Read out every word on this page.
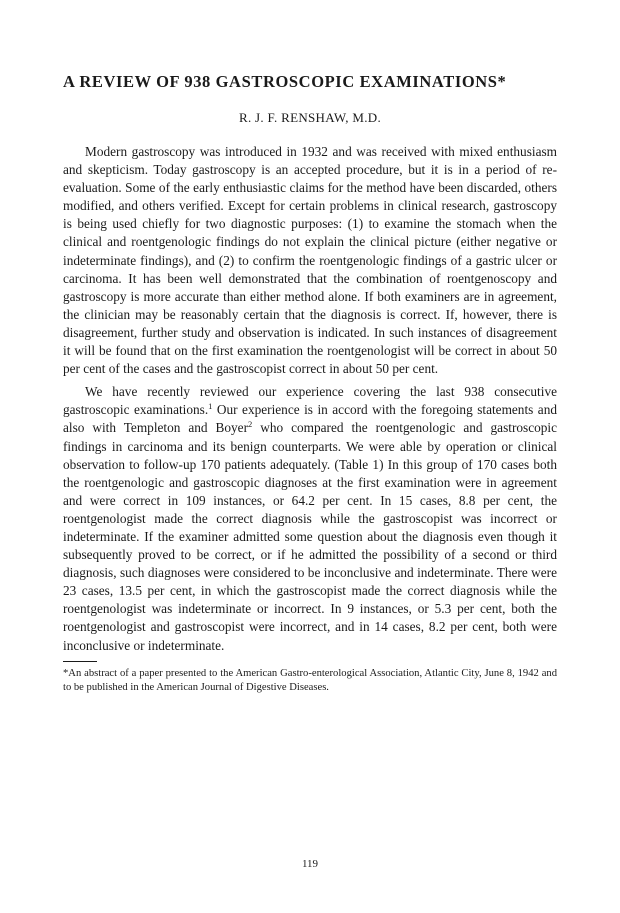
A REVIEW OF 938 GASTROSCOPIC EXAMINATIONS*
R. J. F. RENSHAW, M.D.

Modern gastroscopy was introduced in 1932 and was received with mixed enthusiasm and skepticism. Today gastroscopy is an accepted procedure, but it is in a period of re-evaluation. Some of the early enthusiastic claims for the method have been discarded, others modified, and others verified. Except for certain problems in clinical research, gastroscopy is being used chiefly for two diagnostic purposes: (1) to examine the stomach when the clinical and roentgenologic findings do not explain the clinical picture (either negative or indeterminate findings), and (2) to confirm the roentgenologic findings of a gastric ulcer or carcinoma. It has been well demonstrated that the combination of roentgenoscopy and gastroscopy is more accurate than either method alone. If both examiners are in agreement, the clinician may be reasonably certain that the diagnosis is correct. If, however, there is disagreement, further study and observation is indicated. In such instances of disagreement it will be found that on the first examination the roentgenologist will be correct in about 50 per cent of the cases and the gastroscopist correct in about 50 per cent.

We have recently reviewed our experience covering the last 938 consecutive gastroscopic examinations.$^1$ Our experience is in accord with the foregoing statements and also with Templeton and Boyer$^2$ who compared the roentgenologic and gastroscopic findings in carcinoma and its benign counterparts. We were able by operation or clinical observation to follow-up 170 patients adequately. (Table 1) In this group of 170 cases both the roentgenologic and gastroscopic diagnoses at the first examination were in agreement and were correct in 109 instances, or 64.2 per cent. In 15 cases, 8.8 per cent, the roentgenologist made the correct diagnosis while the gastroscopist was incorrect or indeterminate. If the examiner admitted some question about the diagnosis even though it subsequently proved to be correct, or if he admitted the possibility of a second or third diagnosis, such diagnoses were considered to be inconclusive and indeterminate. There were 23 cases, 13.5 per cent, in which the gastroscopist made the correct diagnosis while the roentgenologist was indeterminate or incorrect. In 9 instances, or 5.3 per cent, both the roentgenologist and gastroscopist were incorrect, and in 14 cases, 8.2 per cent, both were inconclusive or indeterminate.

*An abstract of a paper presented to the American Gastro-enterological Association, Atlantic City, June 8, 1942 and to be published in the American Journal of Digestive Diseases.
119
